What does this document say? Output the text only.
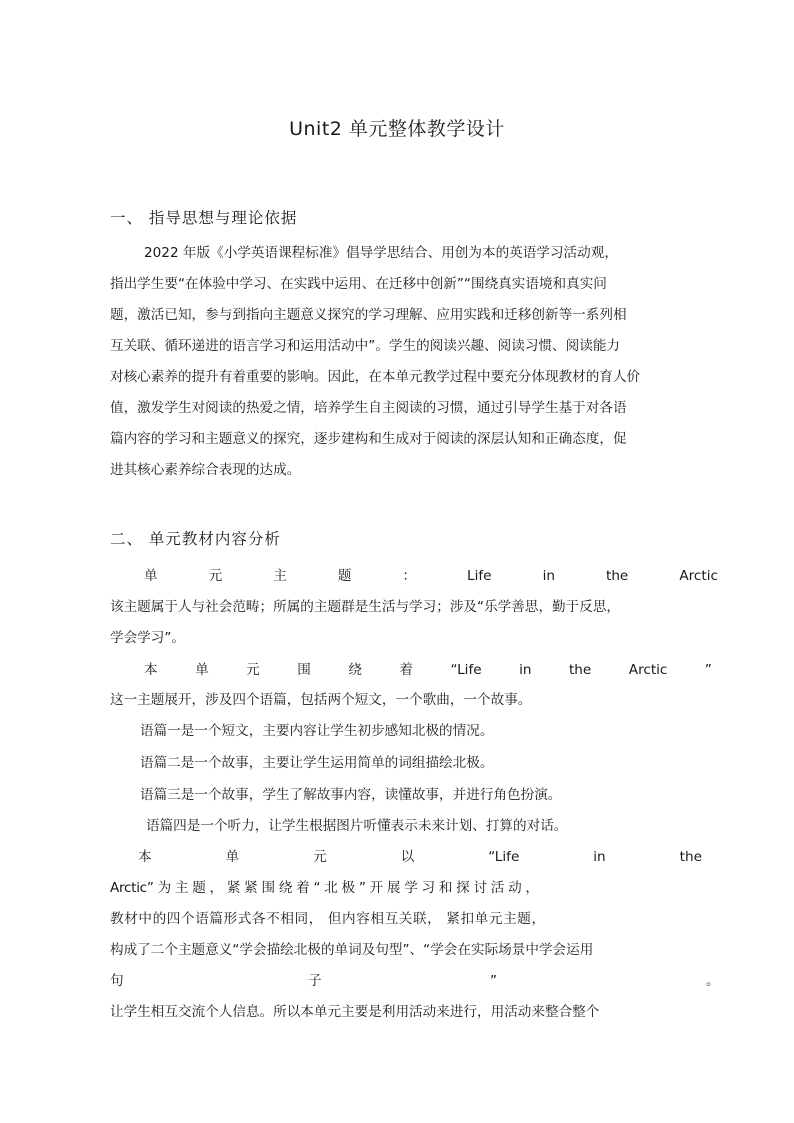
Unit2 单元整体教学设计
一、 指导思想与理论依据
2022 年版《小学英语课程标准》倡导学思结合、用创为本的英语学习活动观，
指出学生要“在体验中学习、在实践中运用、在迁移中创新”“围绕真实语境和真实问
题，激活已知，参与到指向主题意义探究的学习理解、应用实践和迁移创新等一系列相
互关联、循环递进的语言学习和运用活动中”。学生的阅读兴趣、阅读习惯、阅读能力
对核心素养的提升有着重要的影响。因此，在本单元教学过程中要充分体现教材的育人价
值，激发学生对阅读的热爱之情，培养学生自主阅读的习惯，通过引导学生基于对各语
篇内容的学习和主题意义的探究，逐步建构和生成对于阅读的深层认知和正确态度，促
进其核心素养综合表现的达成。
二、 单元教材内容分析
单	元	主	题	：	Life	in	the	Arctic
该主题属于人与社会范畴；所属的主题群是生活与学习；涉及“乐学善思，勤于反思，
学会学习”。
本	单	元	围	绕	着	“Life	in	the	Arctic	”
这一主题展开，涉及四个语篇，包括两个短文，一个歌曲，一个故事。
语篇一是一个短文，主要内容让学生初步感知北极的情况。
语篇二是一个故事，主要让学生运用简单的词组描绘北极。
语篇三是一个故事，学生了解故事内容，读懂故事，并进行角色扮演。
语篇四是一个听力，让学生根据图片听懂表示未来计划、打算的对话。
本	单	元	以	“Life	in	the
Arctic” 为 主 题 ， 紧 紧 围 绕 着 “ 北 极 ” 开 展 学 习 和 探 讨 活 动 ，
教材中的四个语篇形式各不相同， 但内容相互关联， 紧扣单元主题，
构成了二个主题意义“学会描绘北极的单词及句型”、“学会在实际场景中学会运用
句	子	”	。
让学生相互交流个人信息。所以本单元主要是利用活动来进行，用活动来整合整个
